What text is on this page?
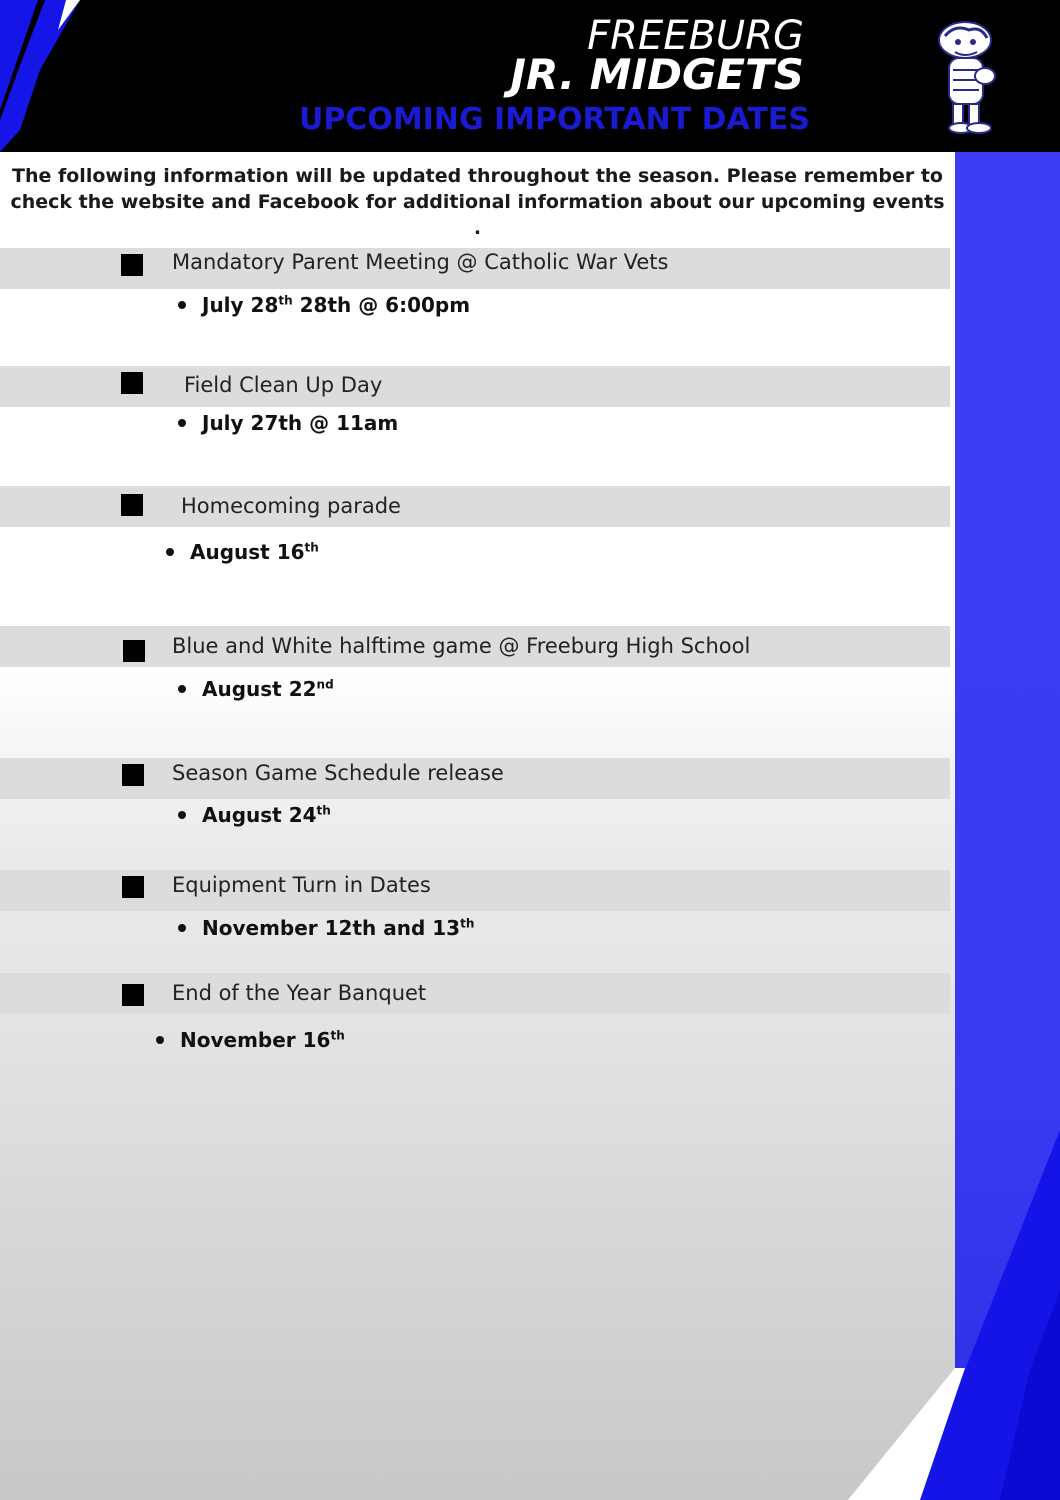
FREEBURG
JR. MIDGETS
UPCOMING IMPORTANT DATES
The following information will be updated throughout the season. Please remember to check the website and Facebook for additional information about our upcoming events .
Mandatory Parent Meeting @ Catholic War Vets
July 28th 28th @ 6:00pm
Field Clean Up Day
July 27th @ 11am
Homecoming parade
August 16th
Blue and White halftime game @ Freeburg High School
August 22nd
Season Game Schedule release
August 24th
Equipment Turn in Dates
November 12th and 13th
End of the Year Banquet
November 16th
